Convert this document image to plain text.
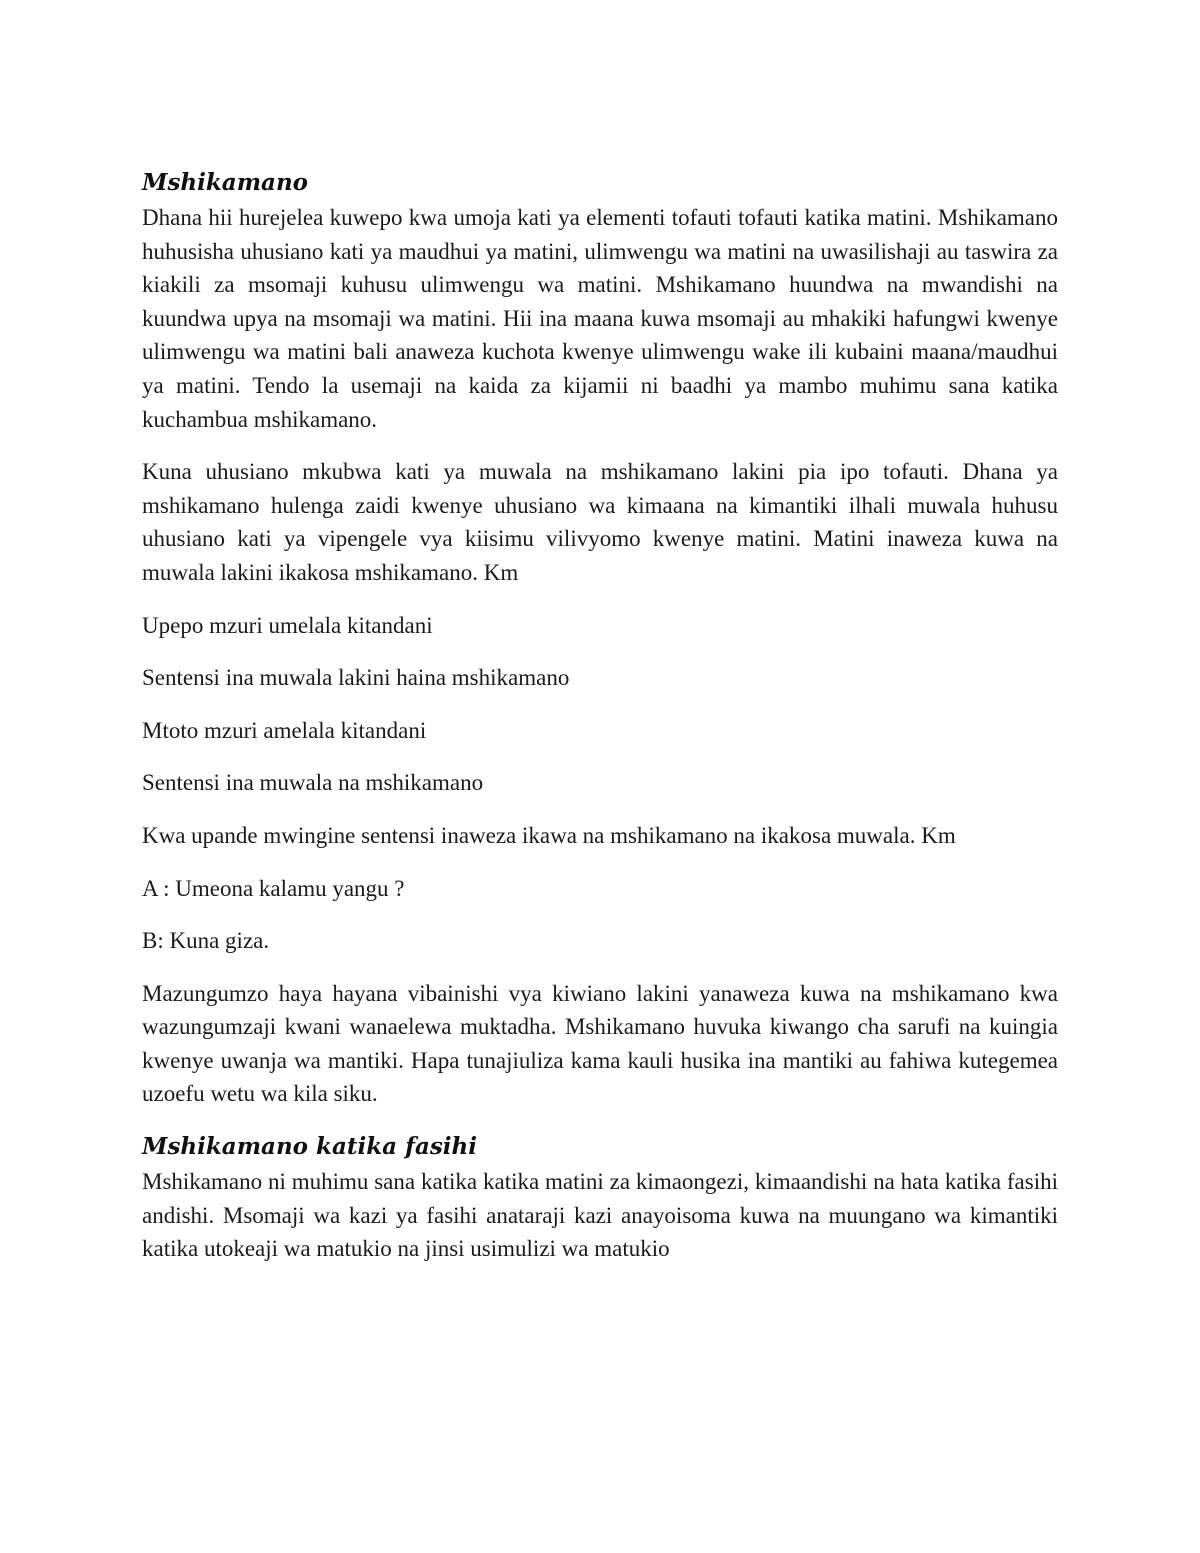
Mshikamano

Dhana hii hurejelea kuwepo kwa umoja kati ya elementi tofauti tofauti katika matini. Mshikamano huhusisha uhusiano kati ya maudhui ya matini, ulimwengu wa matini na uwasilishaji au taswira za kiakili za msomaji kuhusu ulimwengu wa matini. Mshikamano huundwa na mwandishi na kuundwa upya na msomaji wa matini. Hii ina maana kuwa msomaji au mhakiki hafungwi kwenye ulimwengu wa matini bali anaweza kuchota kwenye ulimwengu wake ili kubaini maana/maudhui ya matini. Tendo la usemaji na kaida za kijamii ni baadhi ya mambo muhimu sana katika kuchambua mshikamano.

Kuna uhusiano mkubwa kati ya muwala na mshikamano lakini pia ipo tofauti. Dhana ya mshikamano hulenga zaidi kwenye uhusiano wa kimaana na kimantiki ilhali muwala huhusu uhusiano kati ya vipengele vya kiisimu vilivyomo kwenye matini. Matini inaweza kuwa na muwala lakini ikakosa mshikamano. Km

Upepo mzuri umelala kitandani

Sentensi ina muwala lakini haina mshikamano

Mtoto mzuri amelala kitandani

Sentensi ina muwala na mshikamano

Kwa upande mwingine sentensi inaweza ikawa na mshikamano na ikakosa muwala. Km

A : Umeona kalamu yangu ?

B: Kuna giza.

Mazungumzo haya hayana vibainishi vya kiwiano lakini yanaweza kuwa na mshikamano kwa wazungumzaji kwani wanaelewa muktadha. Mshikamano huvuka kiwango cha sarufi na kuingia kwenye uwanja wa mantiki. Hapa tunajiuliza kama kauli husika ina mantiki au fahiwa kutegemea uzoefu wetu wa kila siku.

Mshikamano katika fasihi

Mshikamano ni muhimu sana katika katika matini za kimaongezi, kimaandishi na hata katika fasihi andishi. Msomaji wa kazi ya fasihi anataraji kazi anayoisoma kuwa na muungano wa kimantiki katika utokeaji wa matukio na jinsi usimulizi wa matukio
